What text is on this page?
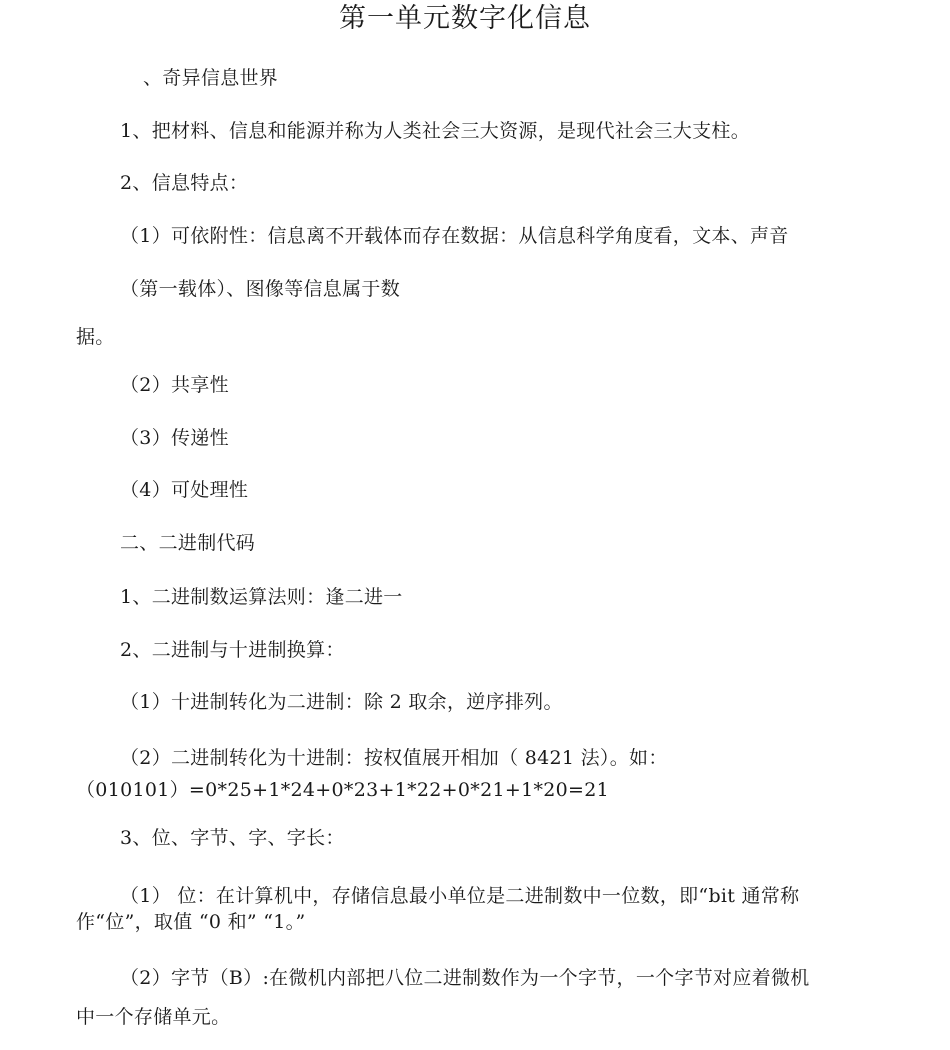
第一单元数字化信息
、奇异信息世界
1、把材料、信息和能源并称为人类社会三大资源，是现代社会三大支柱。
2、信息特点：
（1）可依附性：信息离不开载体而存在数据：从信息科学角度看，文本、声音
（第一载体）、图像等信息属于数
据。
（2）共享性
（3）传递性
（4）可处理性
二、二进制代码
1、二进制数运算法则：逢二进一
2、二进制与十进制换算：
（1）十进制转化为二进制：除 2 取余，逆序排列。
（2）二进制转化为十进制：按权值展开相加（ 8421 法）。如：
（010101）=0*25+1*24+0*23+1*22+0*21+1*20=21
3、位、字节、字、字长：
（1） 位：在计算机中，存储信息最小单位是二进制数中一位数，即“bit 通常称
作“位”，取值 “0 和” “1。”
（2）字节（B）:在微机内部把八位二进制数作为一个字节，一个字节对应着微机
中一个存储单元。
